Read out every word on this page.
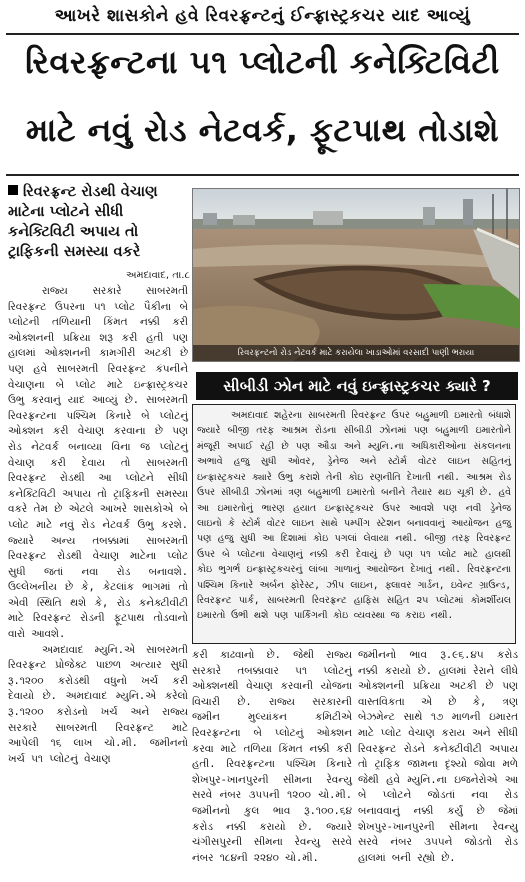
આખરે શાસકોને હવે રિવરફ્રન્ટનું ઈન્ફ્રાસ્ટ્રકચર યાદ આવ્યું
રિવરફ્રન્ટના ૫૧ પ્લોટની કનેક્ટિવિટી
માટે નવું રોડ નેટવર્ક, ફૂટપાથ તોડાશે
રિવરફ્રન્ટ રોડથી વેચાણ માટેના પ્લોટને સીધી કનેક્ટિવિટી અપાય તો ટ્રાફિકની સમસ્યા વકરે
અમદાવાદ, તા.૮

રાજ્ય સરકારે સાબરમતી રિવરફ્રન્ટ ઉપરના ૫૧ પ્લોટ પૈકીના બે પ્લોટની તળિયાની કિંમત નક્કી કરી ઓક્શનની પ્રક્રિયા શરૂ કરી હતી પણ હાલમાં ઓક્શનની કામગીરી અટકી છે પણ હવે સાબરમતી રિવરફ્રન્ટ કંપનીને વેચાણના બે પ્લોટ માટે ઇન્ફ્રાસ્ટ્રકચર ઉભુ કરવાનું યાદ આવ્યું છે. સાબરમતી રિવરફ્રન્ટના પશ્ચિમ કિનારે બે પ્લોટનું ઓક્શન કરી વેચાણ કરવાના છે પણ રોડ નેટવર્ક બનાવ્યા વિના જ પ્લોટનું વેચાણ કરી દેવાય તો સાબરમતી રિવરફ્રન્ટ રોડથી આ પ્લોટને સીધી કનેક્ટિવિટી અપાય તો ટ્રાફિકની સમસ્યા વકરે તેમ છે એટલે આખરે શાસકોએ બે પ્લોટ માટે નવું રોડ નેટવર્ક ઉભુ કરશે. જ્યારે અન્ય તબક્કામાં સાબરમતી રિવરફ્રન્ટ રોડથી વેચાણ માટેના પ્લોટ સુધી જતાં નવા રોડ બનાવશે. ઉલ્લેખનીય છે કે, કેટલાંક ભાગમાં તો એવી સ્થિતિ થશે કે, રોડ કનેક્ટીવીટી માટે રિવરફ્રન્ટ રોડની ફૂટપાથ તોડવાનો વારો આવશે.

અમદાવાદ મ્યુનિ.એ સાબરમતી રિવરફ્રન્ટ પ્રોજેક્ટ પાછળ અત્યાર સુધી રૂ.૧૨૦૦ કરોડથી વધુનો ખર્ચ કરી દેવાયો છે. અમદાવાદ મ્યુનિ.એ કરેલો રૂ.૧૨૦૦ કરોડનો ખર્ચ અને રાજ્ય સરકારે સાબરમતી રિવરફ્રન્ટ માટે આપેલી ૧૬ લાખ ચો.મી. જમીનનો ખર્ચ ૫૧ પ્લોટનું વેચાણ

રિવરફ્રન્ટનો રોડ નેટવર્ક માટે કરાયેલા ખાડાઓમાં વરસાદી પાણી ભરાયા
સીબીડી ઝોન માટે નવું ઇન્ફ્રાસ્ટ્રકચર ક્યારે ?

અમદાવાદ શહેરના સાબરમતી રિવરફ્રન્ટ ઉપર બહુમાળી ઇમારતો બંધાશે જ્યારે બીજી તરફ આશ્રમ રોડના સીબીડી ઝોનમાં પણ બહુમાળી ઇમારતોને મંજૂરી અપાઈ રહી છે પણ ઔડા અને મ્યુનિ.ના અધિકારીઓના સંકલનના અભાવે હજુ સુધી ઓવર, ડ્રેનેજ અને સ્ટોર્મ વોટર લાઇન સહિતનું ઇન્ફ્રાસ્ટ્રકચર ક્યારે ઉભુ કરાશે તેની કોઇ રણનીતિ દેખાતી નથી. આશ્રમ રોડ ઉપર સીબીડી ઝોનમાં ત્રણ બહુમાળી ઇમારતો બનીને તૈયાર થઇ ચૂકી છે. હવે આ ઇમારતોનું ભારણ હયાત ઇન્ફ્રાસ્ટ્રકચર ઉપર આવશે પણ નવી ડ્રેનેજ લાઇનો કે સ્ટોર્મ વોટર લાઇન સાથે પમ્પીંગ સ્ટેશન બનાવવાનું આયોજન હજુ પણ હજુ સુધી આ દિશામાં કોઇ પગલાં લેવાયા નથી. બીજી તરફ રિવરફ્રન્ટ ઉપર બે પ્લોટના વેચાણનું નક્કી કરી દેવાયું છે પણ ૫૧ પ્લોટ માટે હાલથી કોઇ ભુગર્ભ ઇન્ફ્રાસ્ટ્રકચરનું લાંબા ગાળાનું આયોજન દેખાતું નથી. રિવરફ્રન્ટના પશ્ચિમ કિનારે અર્બન ફોરેસ્ટ, ઝીપ લાઇન, ફ્લાવર ગાર્ડન, ઇવેન્ટ ગ્રાઉન્ડ, રિવરફ્રન્ટ પાર્ક, સાબરમતી રિવરફ્રન્ટ હાફિસ સહિત ૨૫ પ્લોટમાં કોમર્શીયલ ઇમારતો ઉભી થશે પણ પાર્કિંગની કોઇ વ્યવસ્થા જ કરાઇ નથી.

કરી કાઢવાનો છે. જેથી રાજ્ય સરકારે તબક્કાવાર ૫૧ પ્લોટનું ઓક્શનથી વેચાણ કરવાની યોજના વિચારી છે. રાજ્ય સરકારની જમીન મુલ્યાંકન કમિટીએ રિવરફ્રન્ટના બે પ્લોટનું ઓક્શન કરવા માટે તળિયા કિંમત નક્કી કરી હતી. રિવરફ્રન્ટના પશ્ચિમ કિનારે શેખપુર-ખાનપુરની સીમના રેવન્યુ સરવે નંબર ૩૫૫ની ૧૨૦૦ ચો.મી. જમીનનો કુલ ભાવ રૂ.૧૦૦.૬૪ કરોડ નક્કી કરાયો છે. જ્યારે ચંગીસપુરની સીમના રેવન્યુ સરવે નંબર ૧૮૪ની ૨૨૪૦ ચો.મી.

જમીનનો ભાવ રૂ.૯૬.૪૫ કરોડ નક્કી કરાયો છે. હાલમાં રેરાને લીધે ઓક્શનની પ્રક્રિયા અટકી છે પણ વાસ્તવિકતા એ છે કે, ત્રણ બેઝમેન્ટ સાથે ૧૭ માળની ઇમારત માટે પ્લોટ વેચાણ કરાય અને સીધી રિવરફ્રન્ટ રોડને કનેક્ટીવીટી અપાય તો ટ્રાફિક જામના દૃશ્યો જોવા મળે જેથી હવે મ્યુનિ.ના ઇજનેરોએ આ બે પ્લોટને જોડતાં નવા રોડ બનાવવાનું નક્કી કર્યું છે જેમાં શેખપુર-ખાનપુરની સીમના રેવન્યુ સરવે નંબર ૩૫૫ને જોડતો રોડ હાલમાં બની રહ્યો છે.
